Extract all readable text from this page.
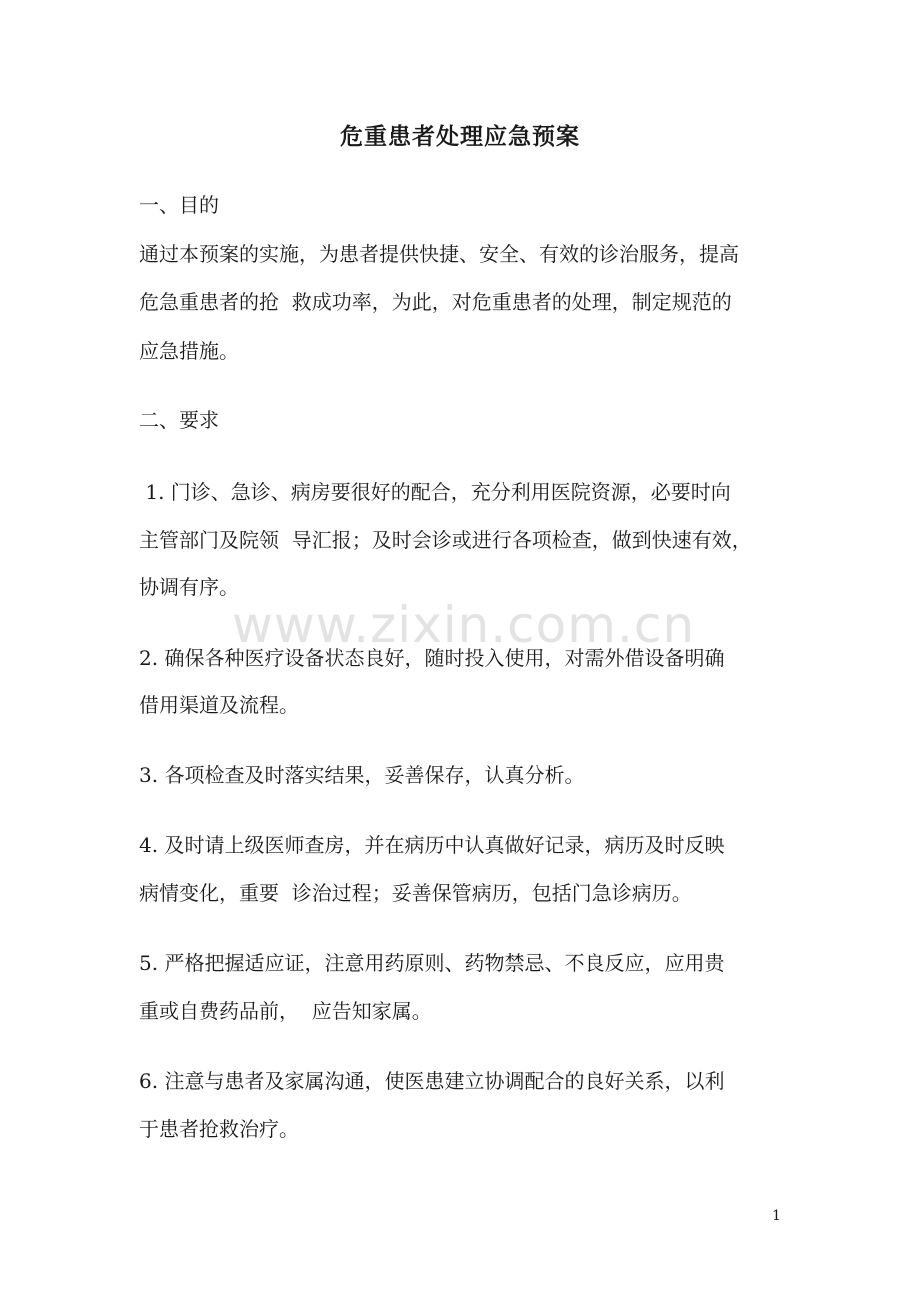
危重患者处理应急预案
www.zixin.com.cn
一、目的
通过本预案的实施，为患者提供快捷、安全、有效的诊治服务，提高
危急重患者的抢  救成功率，为此，对危重患者的处理，制定规范的
应急措施。
二、要求
1. 门诊、急诊、病房要很好的配合，充分利用医院资源，必要时向
主管部门及院领  导汇报；及时会诊或进行各项检查，做到快速有效，
协调有序。
2. 确保各种医疗设备状态良好，随时投入使用，对需外借设备明确
借用渠道及流程。
3. 各项检查及时落实结果，妥善保存，认真分析。
4. 及时请上级医师查房，并在病历中认真做好记录，病历及时反映
病情变化，重要  诊治过程；妥善保管病历，包括门急诊病历。
5. 严格把握适应证，注意用药原则、药物禁忌、不良反应，应用贵
重或自费药品前，  应告知家属。
6. 注意与患者及家属沟通，使医患建立协调配合的良好关系，以利
于患者抢救治疗。
1
